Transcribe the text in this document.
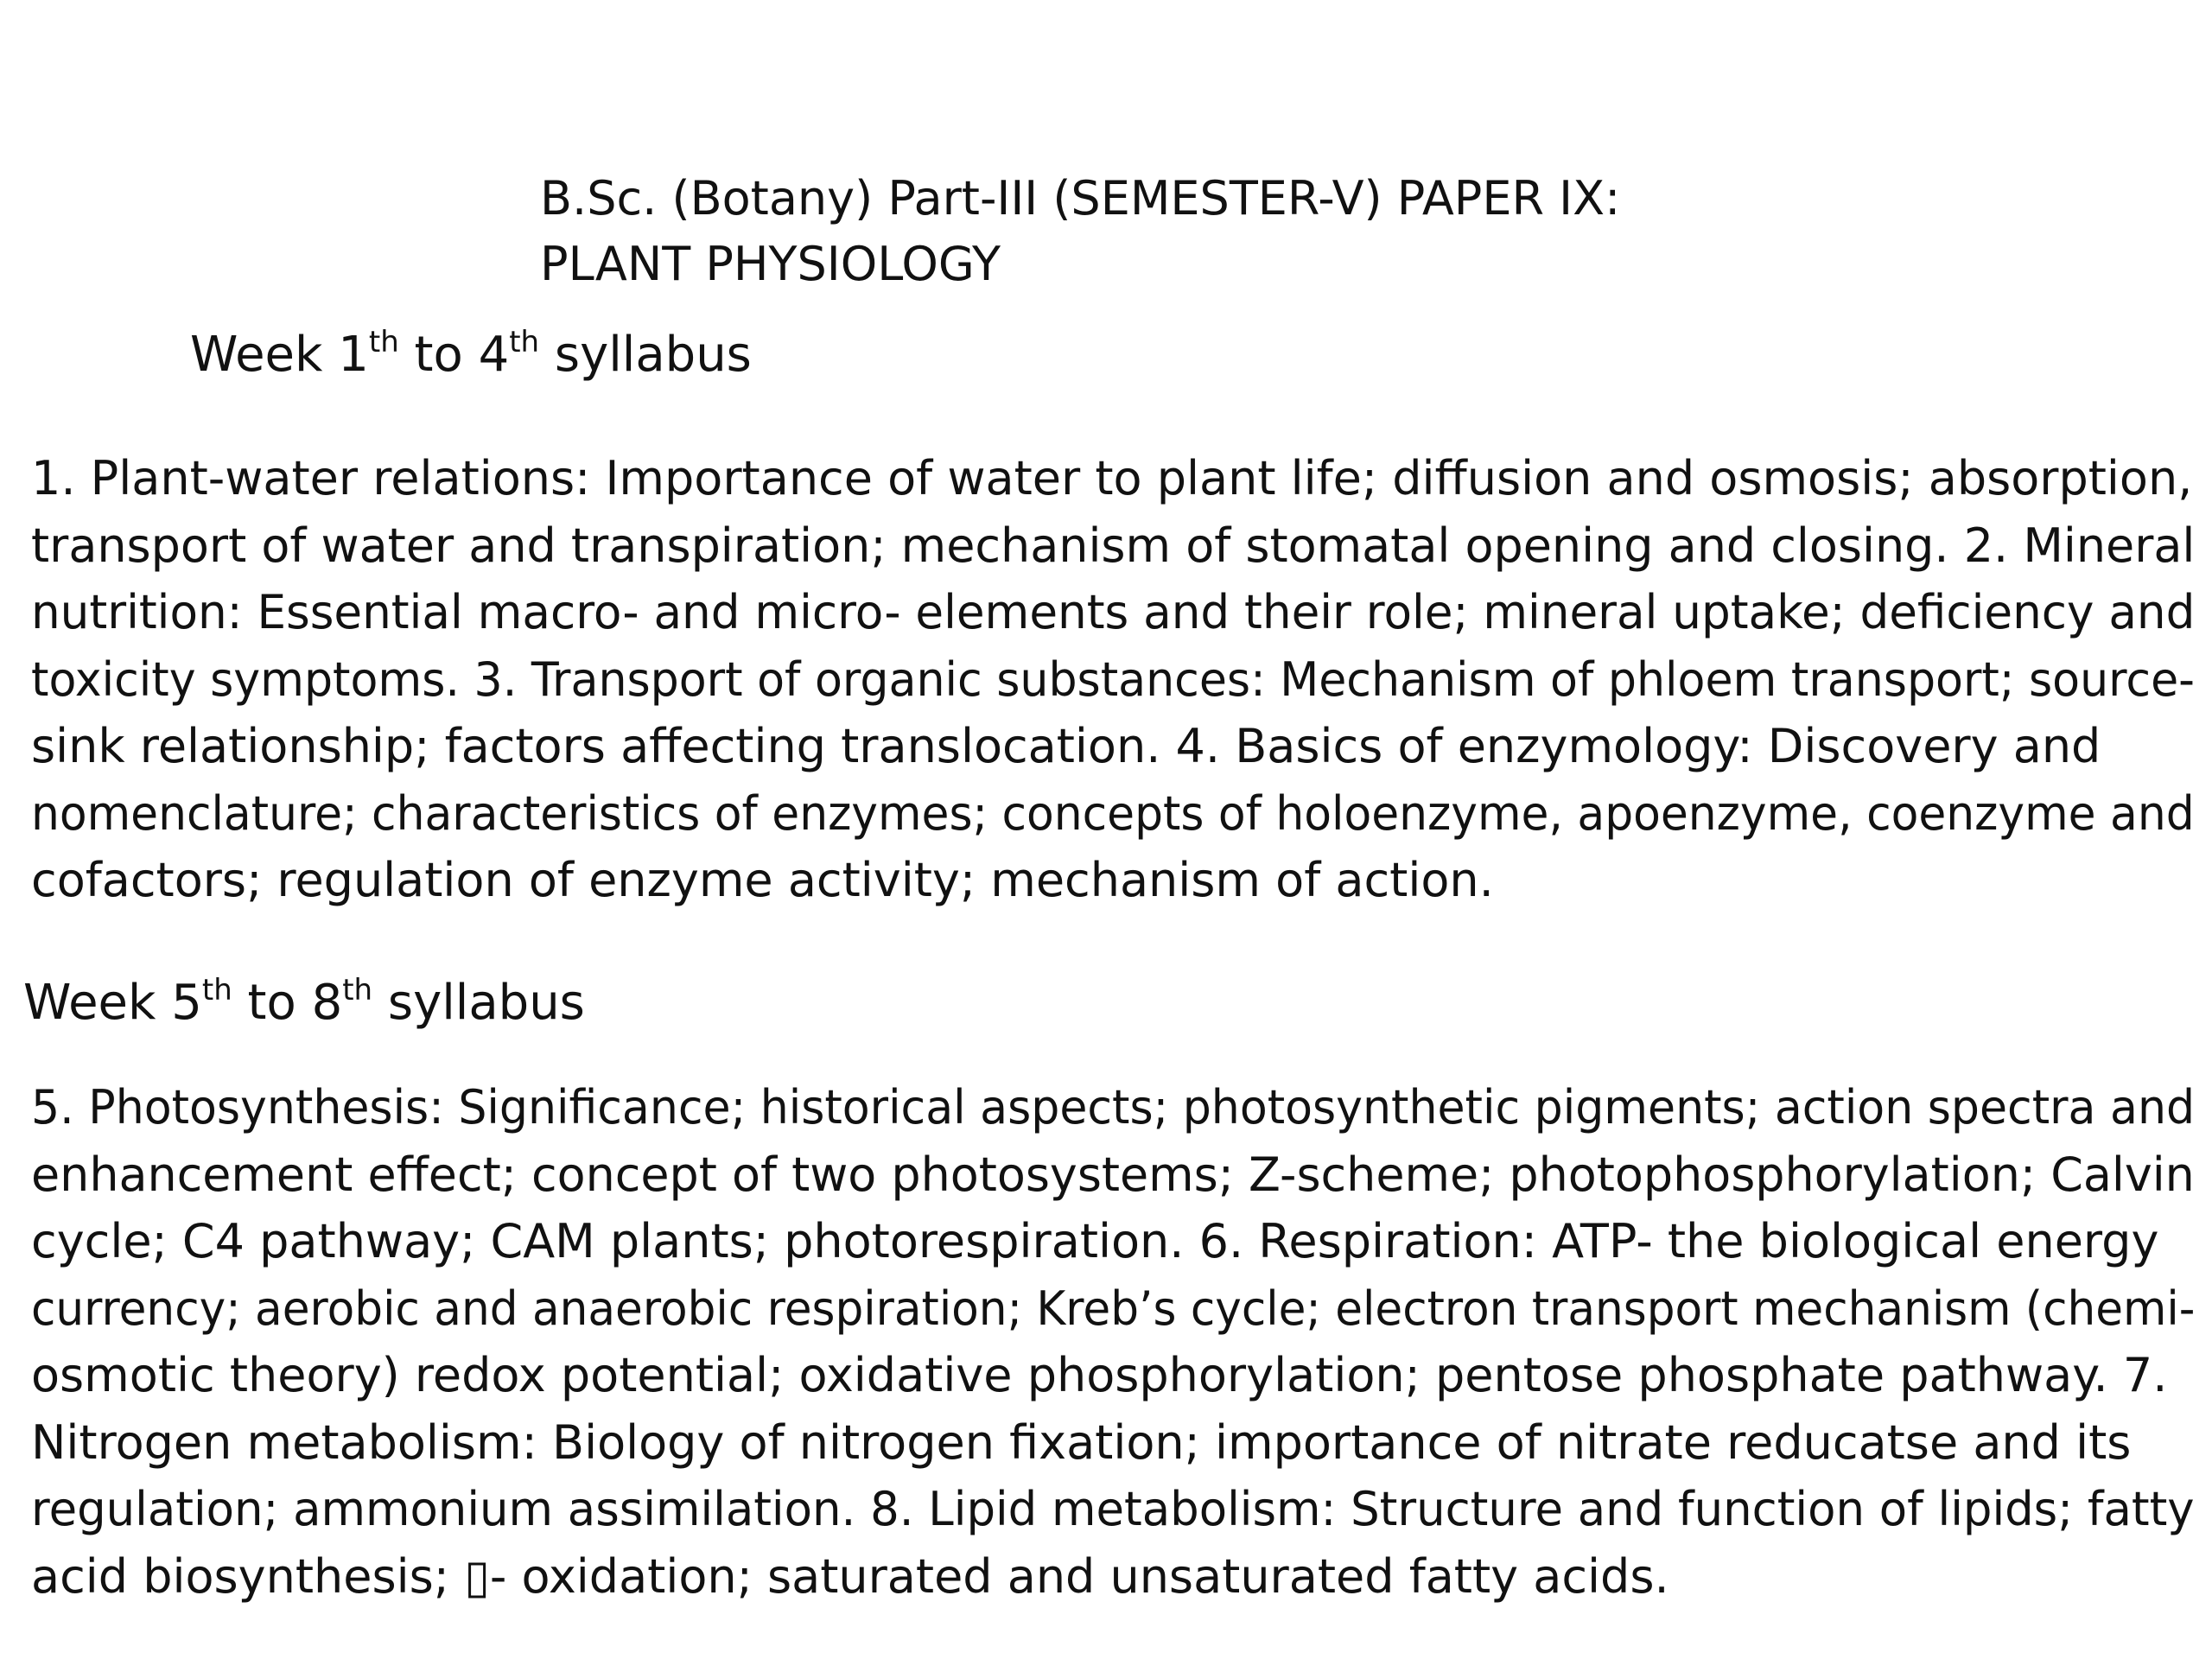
B.Sc. (Botany) Part-III (SEMESTER-V) PAPER IX:
PLANT PHYSIOLOGY
Week 1th to 4th syllabus
1. Plant-water relations: Importance of water to plant life; diffusion and osmosis; absorption,
transport of water and transpiration; mechanism of stomatal opening and closing. 2. Mineral
nutrition: Essential macro- and micro- elements and their role; mineral uptake; deficiency and
toxicity symptoms. 3. Transport of organic substances: Mechanism of phloem transport; source-
sink relationship; factors affecting translocation. 4. Basics of enzymology: Discovery and
nomenclature; characteristics of enzymes; concepts of holoenzyme, apoenzyme, coenzyme and
cofactors; regulation of enzyme activity; mechanism of action.
Week 5th to 8th syllabus
5. Photosynthesis: Significance; historical aspects; photosynthetic pigments; action spectra and
enhancement effect; concept of two photosystems; Z-scheme; photophosphorylation; Calvin
cycle; C4 pathway; CAM plants; photorespiration. 6. Respiration: ATP- the biological energy
currency; aerobic and anaerobic respiration; Kreb’s cycle; electron transport mechanism (chemi-
osmotic theory) redox potential; oxidative phosphorylation; pentose phosphate pathway. 7.
Nitrogen metabolism: Biology of nitrogen fixation; importance of nitrate reducatse and its
regulation; ammonium assimilation. 8. Lipid metabolism: Structure and function of lipids; fatty
acid biosynthesis; ▯- oxidation; saturated and unsaturated fatty acids.
